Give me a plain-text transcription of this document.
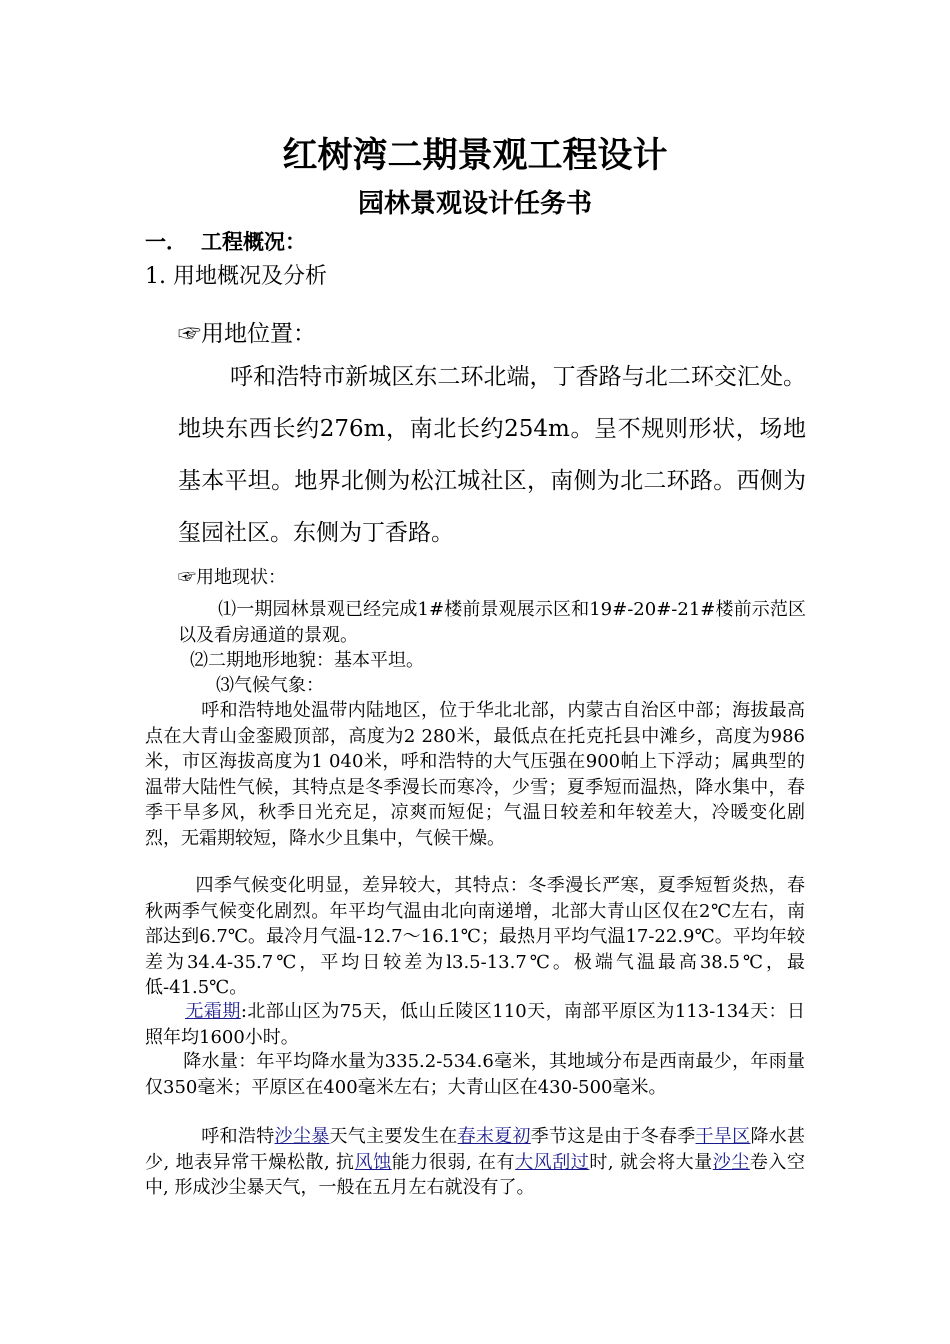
红树湾二期景观工程设计
园林景观设计任务书
一． 工程概况：
1. 用地概况及分析
☞用地位置：
呼和浩特市新城区东二环北端，丁香路与北二环交汇处。地块东西长约276m，南北长约254m。呈不规则形状，场地基本平坦。地界北侧为松江城社区，南侧为北二环路。西侧为玺园社区。东侧为丁香路。
☞用地现状：
⑴一期园林景观已经完成1#楼前景观展示区和19#-20#-21#楼前示范区以及看房通道的景观。
⑵二期地形地貌：基本平坦。
⑶气候气象：
呼和浩特地处温带内陆地区，位于华北北部，内蒙古自治区中部；海拔最高点在大青山金銮殿顶部，高度为2 280米，最低点在托克托县中滩乡，高度为986米，市区海拔高度为1 040米，呼和浩特的大气压强在900帕上下浮动；属典型的温带大陆性气候，其特点是冬季漫长而寒冷，少雪；夏季短而温热，降水集中，春季干旱多风，秋季日光充足，凉爽而短促；气温日较差和年较差大，冷暖变化剧烈，无霜期较短，降水少且集中，气候干燥。
四季气候变化明显，差异较大，其特点：冬季漫长严寒，夏季短暂炎热，春秋两季气候变化剧烈。年平均气温由北向南递增，北部大青山区仅在2℃左右，南部达到6.7℃。最冷月气温-12.7～16.1℃；最热月平均气温17-22.9℃。平均年较差为34.4-35.7℃，平均日较差为l3.5-13.7℃。极端气温最高38.5℃，最低-41.5℃。
无霜期:北部山区为75天，低山丘陵区110天，南部平原区为113-134天：日照年均1600小时。
降水量：年平均降水量为335.2-534.6毫米，其地域分布是西南最少，年雨量仅350毫米；平原区在400毫米左右；大青山区在430-500毫米。
呼和浩特沙尘暴天气主要发生在春末夏初季节这是由于冬春季干旱区降水甚少, 地表异常干燥松散, 抗风蚀能力很弱, 在有大风刮过时, 就会将大量沙尘卷入空中, 形成沙尘暴天气，一般在五月左右就没有了。
